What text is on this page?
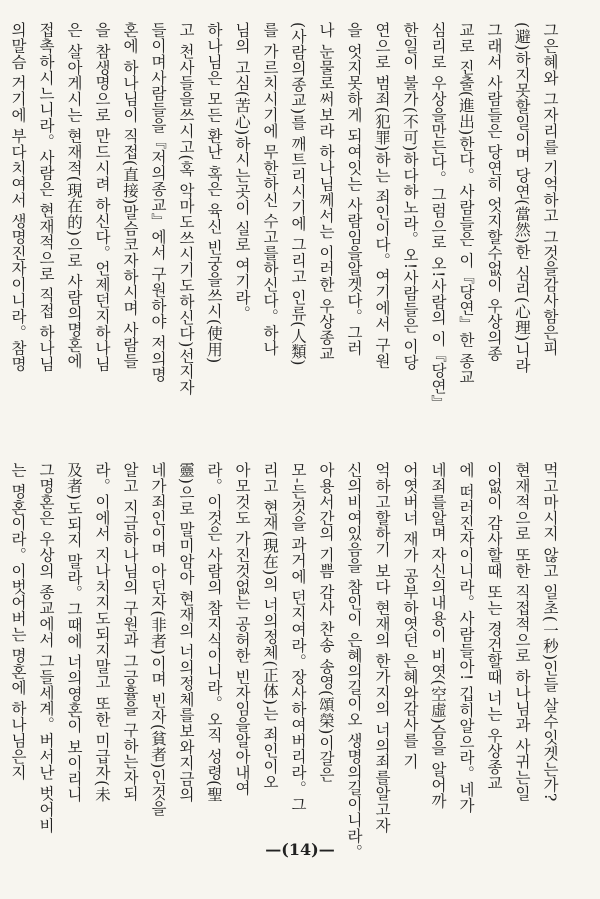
그은혜와 그자리를 기억하고 그것을감사함은피
(避)하지못할일이며 당연(當然)한 심리(心理)니라
그래서 사람들은 당연히 엇지할수없이 우상의종
교로 진출(進出)한다。사람들은 이『당연』한 종교
심리로 우상을만든다。그럼으로 오!사람의 이『당연』
한일이 불가(不可)하다하노라。오!사람들은 이당
연으로 범죄(犯罪)하는 죄인이다。여기에서 구원
을 엇지못하게 되여잇는 사람임을알겟다。그러
나 눈물로써보라 하나님께서는 이러한 우상종교
(사람의종교)를 깨트리시기에 그리고 인류(人類)
를 가르치시기에 무한하신 수고를하신다。하나
님의 고심(苦心)하시는곳이 실로 여기라。
하나님은 모든 환난 혹은 육신 빈궁을쓰시(使用)
고 천사들을쓰시고(혹 악마도쓰시기도하신다)선지자
들이며사람들을『저의종교』에서 구원하야 저의명
혼에 하나님이 직접(直接)말슴코자하시며 사람들
을 참생명으로 만드시려 하신다。언제던지하나님
은 살아게시는 현재적(現在的)으로 사람의명혼에
접촉하시느니라。사람은 현재적으로 직접 하나님
의말슴 거기에 부다치여서 생명진자이니라。참명
먹고마시지 않고 일초(一秒)인들 살수잇겟는가?
현재적으로 또한 직접적으로 하나님과 사귀는일
이없이 감사할때 또는 경건할때 너는 우상종교
에 떠러진자이니라。사람들아! 깁히알으라。네가
네죄를알며 자신의내용이 비엿(空虛)슴을 알어까
어엿버너 재가 공부하엿던 은혜와감사를 기
억하고할하기 보다 현재의 한가지의 너의죄를알고자
신의비여있음을 참인이 은혜의길이오 생명의길이니라。
아용서간의 기쁨 감사 찬송 송영(頌榮)이갈은
모-든것을 과거에 던지여라。장사하여버리라。그
리고 현재(現在)의 너의정체(正体)는 죄인이오
아모것도 가진것없는 공허한 빈자임을알아내여
라。이것은 사람의 참지식이니라。오직 성령(聖
靈)으로 말미암아 현재의 너의정체를보와지금의
네가죄인이며 아던자(非者)이며 빈자(貧者)인것을
알고 지금하나님의 구원과 그긍휼을 구하는자되
라。이에서 지나치지도되지말고 또한 미급자(未
及者)도되지 말라。그때에 너의영혼이 보이리니
그명혼은 우상의 종교에서 그들세계。버서난 벗어비
는 명혼이라。이벗어버는 명혼에 하나님은지
—(14)—
